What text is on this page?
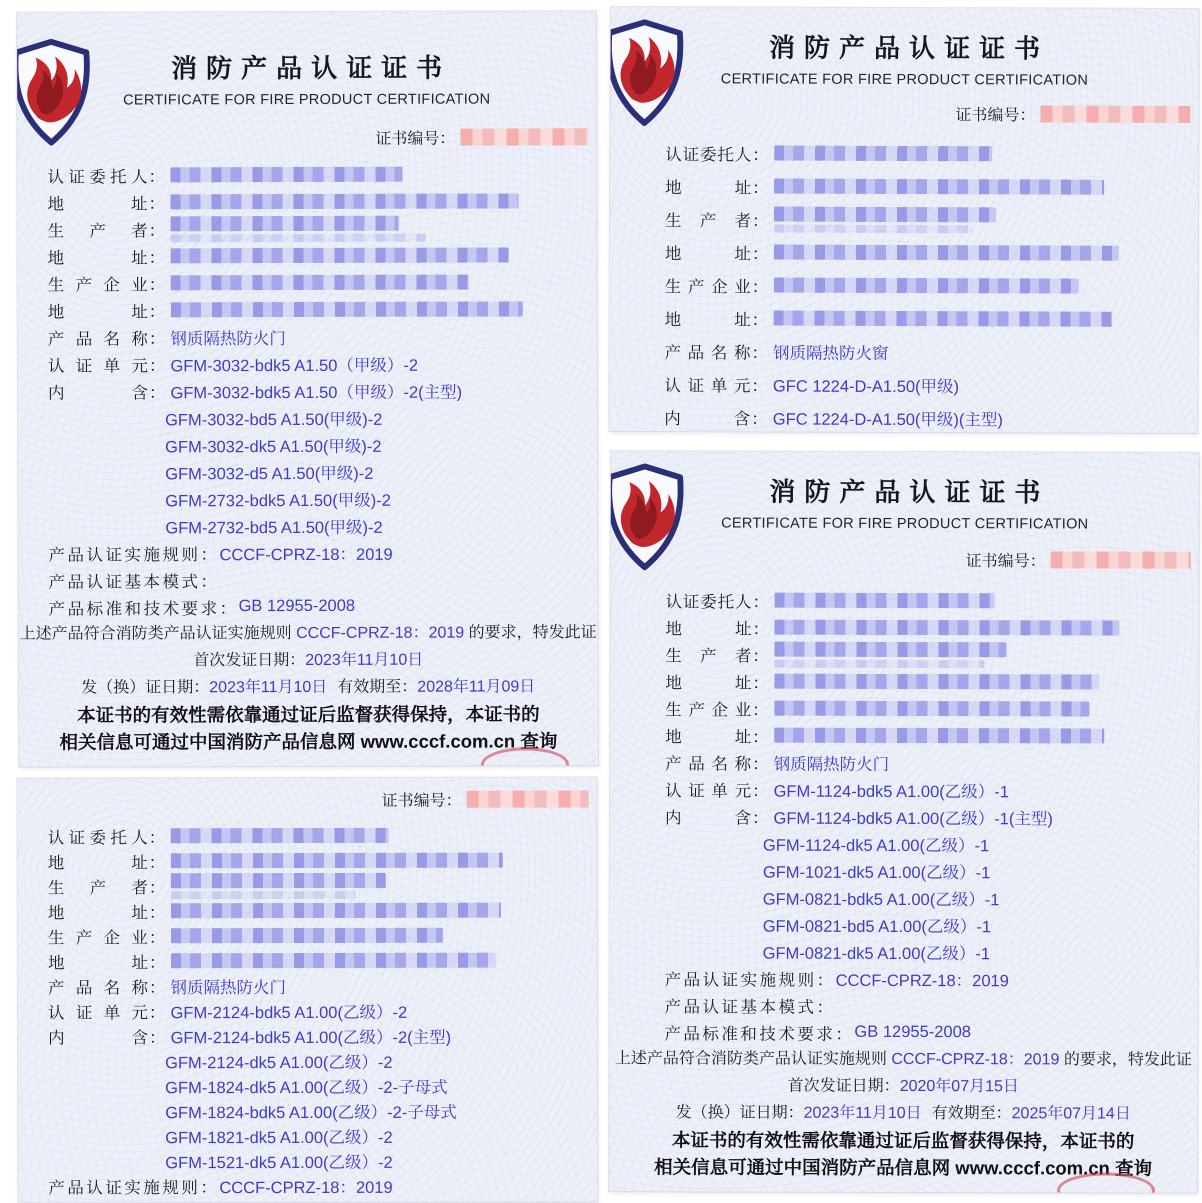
消防产品认证证书
CERTIFICATE FOR FIRE PRODUCT CERTIFICATION
证书编号：
认证委托人 ：
地址 ：
生产者 ：
地址 ：
生产企业 ：
地址 ：
产品名称 ： 钢质隔热防火门
认证单元 ： GFM-3032-bdk5 A1.50（甲级）-2
内含 ： GFM-3032-bdk5 A1.50（甲级）-2(主型)
GFM-3032-bd5 A1.50(甲级)-2
GFM-3032-dk5 A1.50(甲级)-2
GFM-3032-d5 A1.50(甲级)-2
GFM-2732-bdk5 A1.50(甲级)-2
GFM-2732-bd5 A1.50(甲级)-2
产品认证实施规则： CCCF-CPRZ-18：2019
产品认证基本模式：
产品标准和技术要求： GB 12955-2008
上述产品符合消防类产品认证实施规则 CCCF-CPRZ-18：2019 的要求，特发此证
首次发证日期：2023年11月10日
发（换）证日期：2023年11月10日 有效期至：2028年11月09日
本证书的有效性需依靠通过证后监督获得保持，本证书的
相关信息可通过中国消防产品信息网 www.cccf.com.cn 查询
消防产品认证证书
CERTIFICATE FOR FIRE PRODUCT CERTIFICATION
证书编号：
认证委托人 ：
地址 ：
生产者 ：
地址 ：
生产企业 ：
地址 ：
产品名称 ： 钢质隔热防火窗
认证单元 ： GFC 1224-D-A1.50(甲级)
内含 ： GFC 1224-D-A1.50(甲级)(主型)
证书编号：
认证委托人 ：
地址 ：
生产者 ：
地址 ：
生产企业 ：
地址 ：
产品名称 ： 钢质隔热防火门
认证单元 ： GFM-2124-bdk5 A1.00(乙级）-2
内含 ： GFM-2124-bdk5 A1.00(乙级）-2(主型)
GFM-2124-dk5 A1.00(乙级）-2
GFM-1824-dk5 A1.00(乙级）-2-子母式
GFM-1824-bdk5 A1.00(乙级）-2-子母式
GFM-1821-dk5 A1.00(乙级）-2
GFM-1521-dk5 A1.00(乙级）-2
产品认证实施规则： CCCF-CPRZ-18：2019
消防产品认证证书
CERTIFICATE FOR FIRE PRODUCT CERTIFICATION
证书编号：
认证委托人 ：
地址 ：
生产者 ：
地址 ：
生产企业 ：
地址 ：
产品名称 ： 钢质隔热防火门
认证单元 ： GFM-1124-bdk5 A1.00(乙级）-1
内含 ： GFM-1124-bdk5 A1.00(乙级）-1(主型)
GFM-1124-dk5 A1.00(乙级）-1
GFM-1021-dk5 A1.00(乙级）-1
GFM-0821-bdk5 A1.00(乙级）-1
GFM-0821-bd5 A1.00(乙级）-1
GFM-0821-dk5 A1.00(乙级）-1
产品认证实施规则： CCCF-CPRZ-18：2019
产品认证基本模式：
产品标准和技术要求： GB 12955-2008
上述产品符合消防类产品认证实施规则 CCCF-CPRZ-18：2019 的要求，特发此证
首次发证日期：2020年07月15日
发（换）证日期：2023年11月10日 有效期至：2025年07月14日
本证书的有效性需依靠通过证后监督获得保持，本证书的
相关信息可通过中国消防产品信息网 www.cccf.com.cn 查询
